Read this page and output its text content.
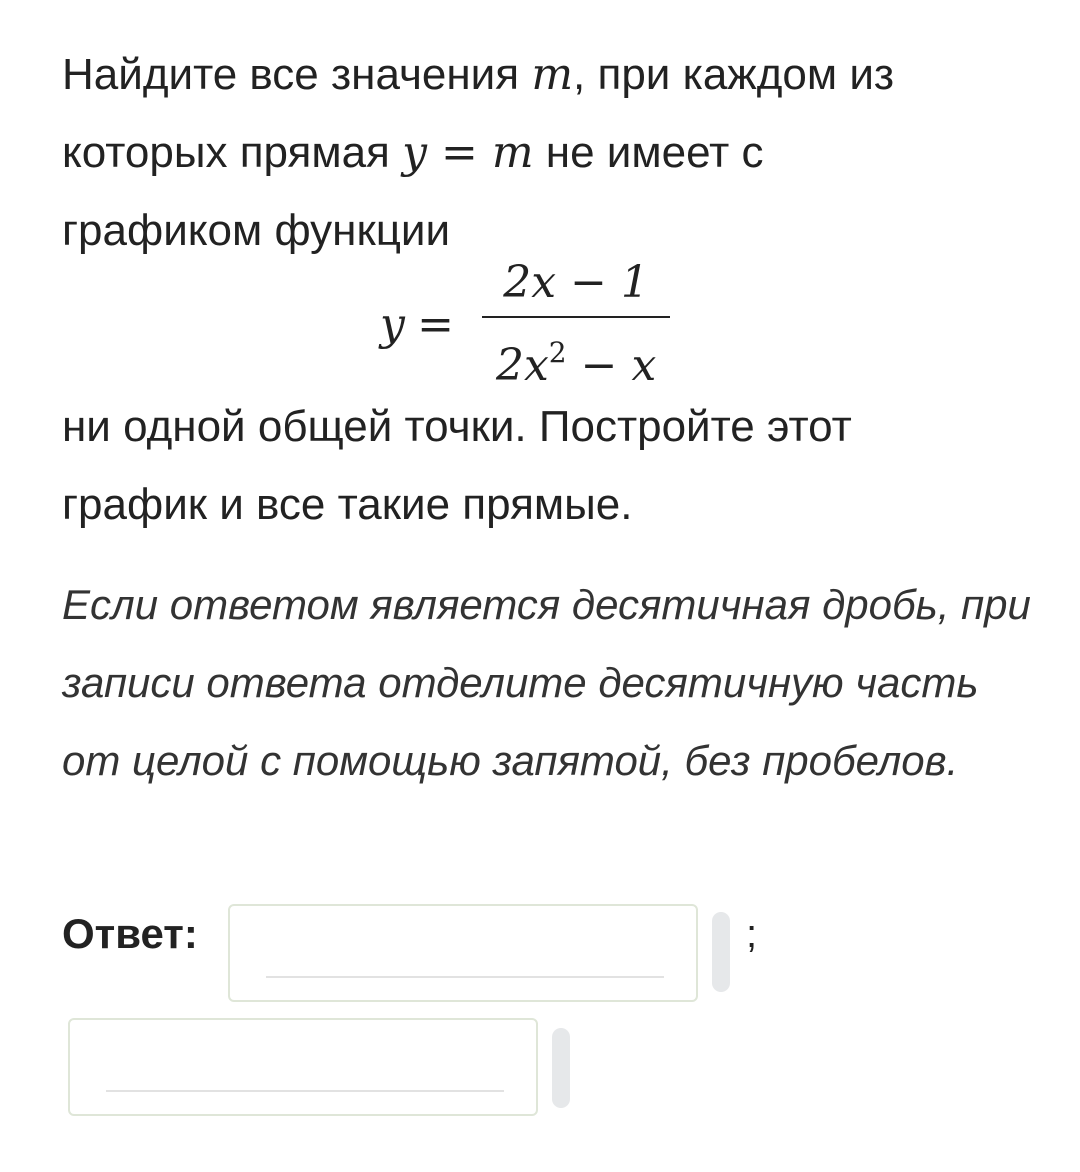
Найдите все значения m, при каждом из

которых прямая y = m не имеет с

графиком функции

$y = \frac{2x - 1}{2x^2 - x}$

ни одной общей точки. Постройте этот

график и все такие прямые.

Если ответом является десятичная дробь, при записи ответа отделите десятичную часть от целой с помощью запятой, без пробелов.

Ответ:	;
